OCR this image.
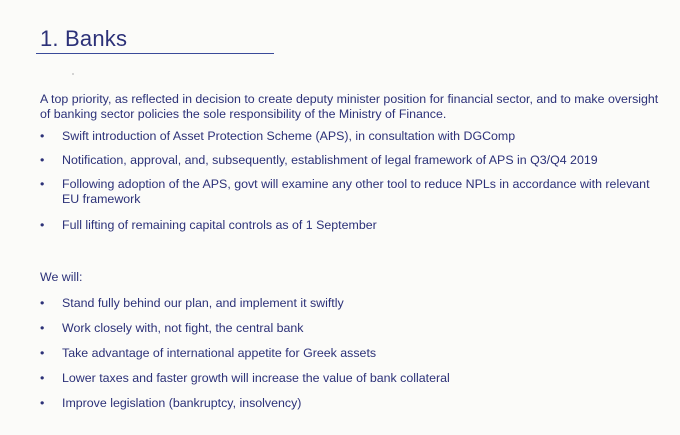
1. Banks
A top priority, as reflected in decision to create deputy minister position for financial sector, and to make oversight of banking sector policies the sole responsibility of the Ministry of Finance.
•	Swift introduction of Asset Protection Scheme (APS), in consultation with DGComp
•	Notification, approval, and, subsequently, establishment of legal framework of APS in Q3/Q4 2019
•	Following adoption of the APS, govt will examine any other tool to reduce NPLs in accordance with relevant EU framework
•	Full lifting of remaining capital controls as of 1 September
We will:
•	Stand fully behind our plan, and implement it swiftly
•	Work closely with, not fight, the central bank
•	Take advantage of international appetite for Greek assets
•	Lower taxes and faster growth will increase the value of bank collateral
•	Improve legislation (bankruptcy, insolvency)
